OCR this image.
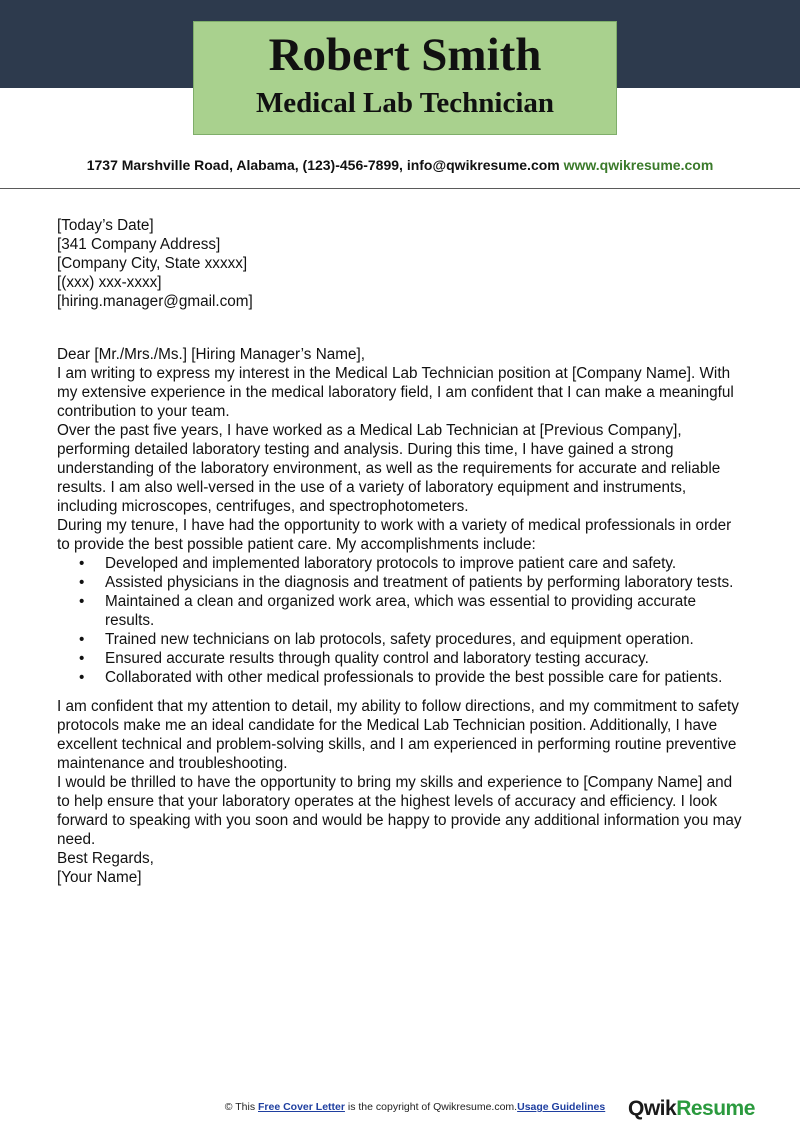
Robert Smith
Medical Lab Technician
1737 Marshville Road, Alabama, (123)-456-7899, info@qwikresume.com www.qwikresume.com

[Today’s Date]

[341 Company Address]

[Company City, State xxxxx]

[(xxx) xxx-xxxx]

[hiring.manager@gmail.com]

Dear [Mr./Mrs./Ms.] [Hiring Manager’s Name],

I am writing to express my interest in the Medical Lab Technician position at [Company Name]. With my extensive experience in the medical laboratory field, I am confident that I can make a meaningful contribution to your team.

Over the past five years, I have worked as a Medical Lab Technician at [Previous Company], performing detailed laboratory testing and analysis. During this time, I have gained a strong understanding of the laboratory environment, as well as the requirements for accurate and reliable results. I am also well-versed in the use of a variety of laboratory equipment and instruments, including microscopes, centrifuges, and spectrophotometers.

During my tenure, I have had the opportunity to work with a variety of medical professionals in order to provide the best possible patient care. My accomplishments include:

• Developed and implemented laboratory protocols to improve patient care and safety.
• Assisted physicians in the diagnosis and treatment of patients by performing laboratory tests.
• Maintained a clean and organized work area, which was essential to providing accurate results.
• Trained new technicians on lab protocols, safety procedures, and equipment operation.
• Ensured accurate results through quality control and laboratory testing accuracy.
• Collaborated with other medical professionals to provide the best possible care for patients.

I am confident that my attention to detail, my ability to follow directions, and my commitment to safety protocols make me an ideal candidate for the Medical Lab Technician position. Additionally, I have excellent technical and problem-solving skills, and I am experienced in performing routine preventive maintenance and troubleshooting.

I would be thrilled to have the opportunity to bring my skills and experience to [Company Name] and to help ensure that your laboratory operates at the highest levels of accuracy and efficiency. I look forward to speaking with you soon and would be happy to provide any additional information you may need.

Best Regards,

[Your Name]

© This Free Cover Letter is the copyright of Qwikresume.com.Usage Guidelines	QwikResume
